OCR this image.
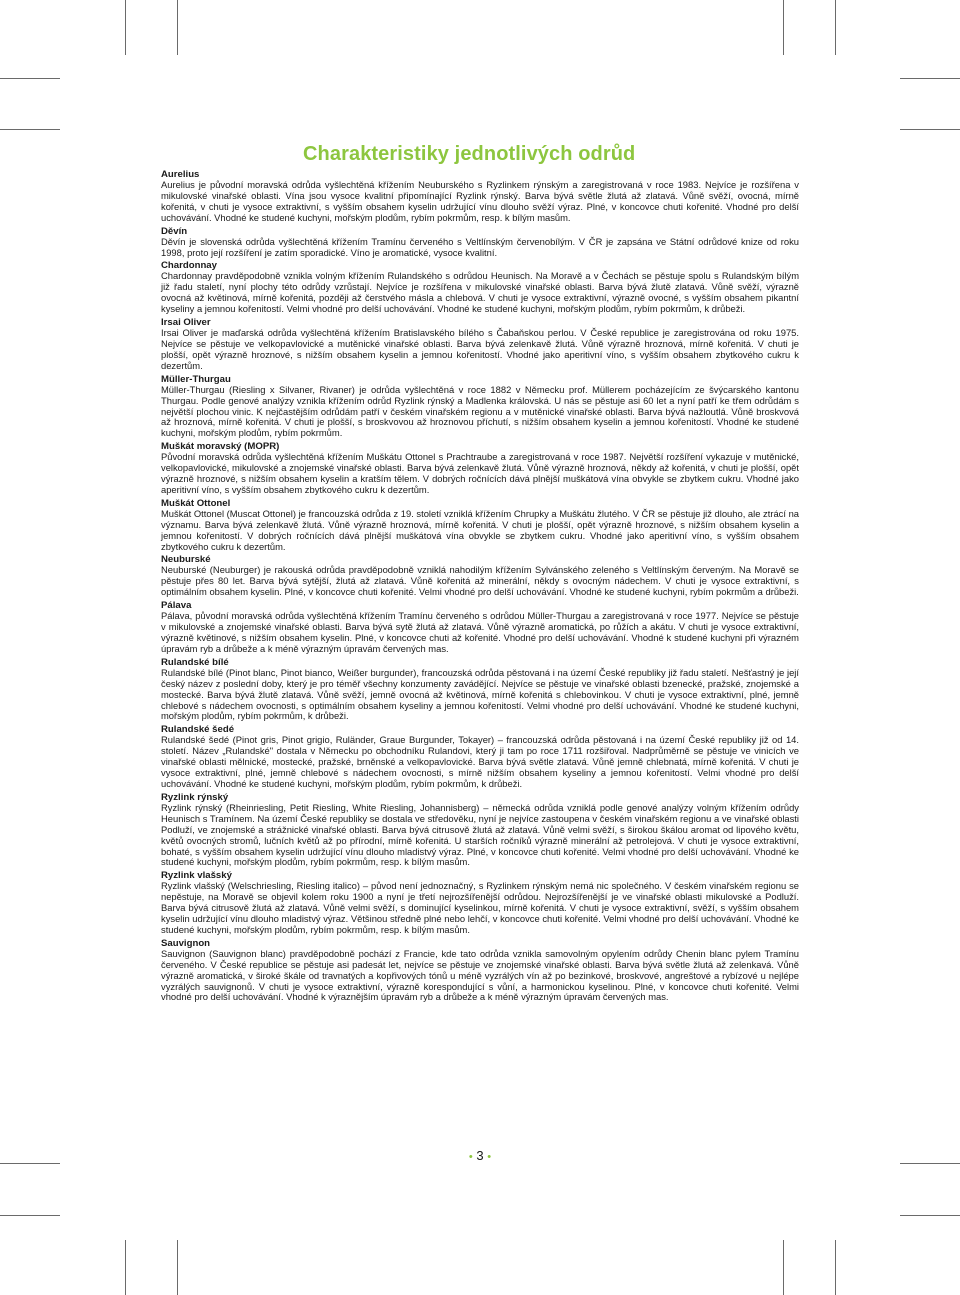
Charakteristiky jednotlivých odrůd
Aurelius
Aurelius je původní moravská odrůda vyšlechtěná křížením Neuburského s Ryzlinkem rýnským a zaregistrovaná v roce 1983. Nejvíce je rozšířena v mikulovské vinařské oblasti. Vína jsou vysoce kvalitní připomínající Ryzlink rýnský. Barva bývá světle žlutá až zlatavá. Vůně svěží, ovocná, mírně kořenitá, v chuti je vysoce extraktivní, s vyšším obsahem kyselin udržující vínu dlouho svěží výraz. Plné, v koncovce chuti kořenité. Vhodné pro delší uchovávání. Vhodné ke studené kuchyni, mořským plodům, rybím pokrmům, resp. k bílým masům.
Děvín
Děvín je slovenská odrůda vyšlechtěná křížením Tramínu červeného s Veltlínským červenobílým. V ČR je zapsána ve Státní odrůdové knize od roku 1998, proto její rozšíření je zatím sporadické. Víno je aromatické, vysoce kvalitní.
Chardonnay
Chardonnay pravděpodobně vznikla volným křížením Rulandského s odrůdou Heunisch. Na Moravě a v Čechách se pěstuje spolu s Rulandským bílým již řadu staletí, nyní plochy této odrůdy vzrůstají. Nejvíce je rozšířena v mikulovské vinařské oblasti. Barva bývá žlutě zlatavá. Vůně svěží, výrazně ovocná až květinová, mírně kořenitá, později až čerstvého másla a chlebová. V chuti je vysoce extraktivní, výrazně ovocné, s vyšším obsahem pikantní kyseliny a jemnou kořenitostí. Velmi vhodné pro delší uchovávání. Vhodné ke studené kuchyni, mořským plodům, rybím pokrmům, k drůbeži.
Irsai Oliver
Irsai Oliver je maďarská odrůda vyšlechtěná křížením Bratislavského bílého s Čabaňskou perlou. V České republice je zaregistrována od roku 1975. Nejvíce se pěstuje ve velkopavlovické a mutěnické vinařské oblasti. Barva bývá zelenkavě žlutá. Vůně výrazně hroznová, mírně kořenitá. V chuti je plošší, opět výrazně hroznové, s nižším obsahem kyselin a jemnou kořenitostí. Vhodné jako aperitivní víno, s vyšším obsahem zbytkového cukru k dezertům.
Müller-Thurgau
Müller-Thurgau (Riesling x Silvaner, Rivaner) je odrůda vyšlechtěná v roce 1882 v Německu prof. Müllerem pocházejícím ze švýcarského kantonu Thurgau. Podle genové analýzy vznikla křížením odrůd Ryzlink rýnský a Madlenka královská. U nás se pěstuje asi 60 let a nyní patří ke třem odrůdám s největší plochou vinic. K nejčastějším odrůdám patří v českém vinařském regionu a v mutěnické vinařské oblasti. Barva bývá nažloutlá. Vůně broskvová až hroznová, mírně kořenitá. V chuti je plošší, s broskvovou až hroznovou příchutí, s nižším obsahem kyselin a jemnou kořenitostí. Vhodné ke studené kuchyni, mořským plodům, rybím pokrmům.
Muškát moravský (MOPR)
Původní moravská odrůda vyšlechtěná křížením Muškátu Ottonel s Prachtraube a zaregistrovaná v roce 1987. Největší rozšíření vykazuje v mutěnické, velkopavlovické, mikulovské a znojemské vinařské oblasti. Barva bývá zelenkavě žlutá. Vůně výrazně hroznová, někdy až kořenitá, v chuti je plošší, opět výrazně hroznové, s nižším obsahem kyselin a kratším tělem. V dobrých ročnících dává plnější muškátová vína obvykle se zbytkem cukru. Vhodné jako aperitivní víno, s vyšším obsahem zbytkového cukru k dezertům.
Muškát Ottonel
Muškát Ottonel (Muscat Ottonel) je francouzská odrůda z 19. století vzniklá křížením Chrupky a Muškátu žlutého. V ČR se pěstuje již dlouho, ale ztrácí na významu. Barva bývá zelenkavě žlutá. Vůně výrazně hroznová, mírně kořenitá. V chuti je plošší, opět výrazně hroznové, s nižším obsahem kyselin a jemnou kořenitostí. V dobrých ročnících dává plnější muškátová vína obvykle se zbytkem cukru. Vhodné jako aperitivní víno, s vyšším obsahem zbytkového cukru k dezertům.
Neuburské
Neuburské (Neuburger) je rakouská odrůda pravděpodobně vzniklá nahodilým křížením Sylvánského zeleného s Veltlínským červeným. Na Moravě se pěstuje přes 80 let. Barva bývá sytější, žlutá až zlatavá. Vůně kořenitá až minerální, někdy s ovocným nádechem. V chuti je vysoce extraktivní, s optimálním obsahem kyselin. Plné, v koncovce chuti kořenité. Velmi vhodné pro delší uchovávání. Vhodné ke studené kuchyni, rybím pokrmům a drůbeži.
Pálava
Pálava, původní moravská odrůda vyšlechtěná křížením Tramínu červeného s odrůdou Müller-Thurgau a zaregistrovaná v roce 1977. Nejvíce se pěstuje v mikulovské a znojemské vinařské oblasti. Barva bývá sytě žlutá až zlatavá. Vůně výrazně aromatická, po růžích a akátu. V chuti je vysoce extraktivní, výrazně květinové, s nižším obsahem kyselin. Plné, v koncovce chuti až kořenité. Vhodné pro delší uchovávání. Vhodné k studené kuchyni při výrazném úpravám ryb a drůbeže a k méně výrazným úpravám červených mas.
Rulandské bílé
Rulandské bílé (Pinot blanc, Pinot bianco, Weißer burgunder), francouzská odrůda pěstovaná i na území České republiky již řadu staletí. Nešťastný je její český název z poslední doby, který je pro téměř všechny konzumenty zavádějící. Nejvíce se pěstuje ve vinařské oblasti bzenecké, pražské, znojemské a mostecké. Barva bývá žlutě zlatavá. Vůně svěží, jemně ovocná až květinová, mírně kořenitá s chlebovinkou. V chuti je vysoce extraktivní, plné, jemně chlebové s nádechem ovocnosti, s optimálním obsahem kyseliny a jemnou kořenitostí. Velmi vhodné pro delší uchovávání. Vhodné ke studené kuchyni, mořským plodům, rybím pokrmům, k drůbeži.
Rulandské šedé
Rulandské šedé (Pinot gris, Pinot grigio, Ruländer, Graue Burgunder, Tokayer) – francouzská odrůda pěstovaná i na území České republiky již od 14. století. Název „Rulandské" dostala v Německu po obchodníku Rulandovi, který ji tam po roce 1711 rozšiřoval. Nadprůměrně se pěstuje ve vinicích ve vinařské oblasti mělnické, mostecké, pražské, brněnské a velkopavlovické. Barva bývá světle zlatavá. Vůně jemně chlebnatá, mírně kořenitá. V chuti je vysoce extraktivní, plné, jemně chlebové s nádechem ovocnosti, s mírně nižším obsahem kyseliny a jemnou kořenitostí. Velmi vhodné pro delší uchovávání. Vhodné ke studené kuchyni, mořským plodům, rybím pokrmům, k drůbeži.
Ryzlink rýnský
Ryzlink rýnský (Rheinriesling, Petit Riesling, White Riesling, Johannisberg) – německá odrůda vzniklá podle genové analýzy volným křížením odrůdy Heunisch s Tramínem. Na území České republiky se dostala ve středověku, nyní je nejvíce zastoupena v českém vinařském regionu a ve vinařské oblasti Podluží, ve znojemské a strážnické vinařské oblasti. Barva bývá citrusově žlutá až zlatavá. Vůně velmi svěží, s širokou škálou aromat od lipového květu, květů ovocných stromů, lučních květů až po přírodní, mírně kořenitá. U starších ročníků výrazně minerální až petrolejová. V chuti je vysoce extraktivní, bohaté, s vyšším obsahem kyselin udržující vínu dlouho mladistvý výraz. Plné, v koncovce chuti kořenité. Velmi vhodné pro delší uchovávání. Vhodné ke studené kuchyni, mořským plodům, rybím pokrmům, resp. k bílým masům.
Ryzlink vlašský
Ryzlink vlašský (Welschriesling, Riesling italico) – původ není jednoznačný, s Ryzlinkem rýnským nemá nic společného. V českém vinařském regionu se nepěstuje, na Moravě se objevil kolem roku 1900 a nyní je třetí nejrozšířenější odrůdou. Nejrozšířenější je ve vinařské oblasti mikulovské a Podluží. Barva bývá citrusově žlutá až zlatavá. Vůně velmi svěží, s dominující kyselinkou, mírně kořenitá. V chuti je vysoce extraktivní, svěží, s vyšším obsahem kyselin udržující vínu dlouho mladistvý výraz. Většinou středně plné nebo lehčí, v koncovce chuti kořenité. Velmi vhodné pro delší uchovávání. Vhodné ke studené kuchyni, mořským plodům, rybím pokrmům, resp. k bílým masům.
Sauvignon
Sauvignon (Sauvignon blanc) pravděpodobně pochází z Francie, kde tato odrůda vznikla samovolným opylením odrůdy Chenin blanc pylem Tramínu červeného. V České republice se pěstuje asi padesát let, nejvíce se pěstuje ve znojemské vinařské oblasti. Barva bývá světle žlutá až zelenkavá. Vůně výrazně aromatická, v široké škále od travnatých a kopřivových tónů u méně vyzrálých vín až po bezinkové, broskvové, angreštové a rybízové u nejlépe vyzrálých sauvignonů. V chuti je vysoce extraktivní, výrazně korespondující s vůní, a harmonickou kyselinou. Plné, v koncovce chuti kořenité. Velmi vhodné pro delší uchovávání. Vhodné k výraznějším úpravám ryb a drůbeže a k méně výrazným úpravám červených mas.
• 3 •
